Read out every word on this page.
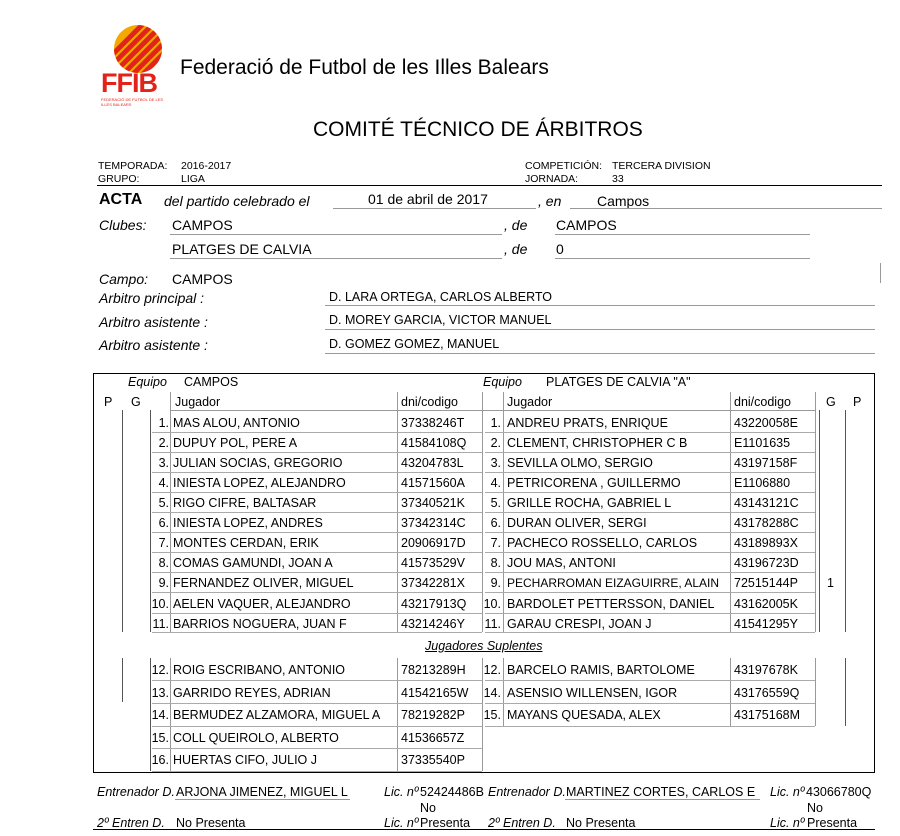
FFIB
FEDERACIÓ DE FUTBOL DE LES ILLES BALEARS
Federació de Futbol de les Illes Balears
COMITÉ TÉCNICO DE ÁRBITROS
TEMPORADA: 2016-2017
GRUPO:	LIGA
COMPETICIÓN: TERCERA DIVISION
JORNADA:	33
ACTA del partido celebrado el	01 de abril de 2017	, en	Campos
Clubes: CAMPOS	, de CAMPOS
PLATGES DE CALVIA	, de 0
Campo: CAMPOS
Arbitro principal :	D. LARA ORTEGA, CARLOS ALBERTO
Arbitro asistente :	D. MOREY GARCIA, VICTOR MANUEL
Arbitro asistente :	D. GOMEZ GOMEZ, MANUEL
Equipo CAMPOS	Equipo PLATGES DE CALVIA "A"
P G	Jugador	dni/codigo	Jugador	dni/codigo	G P
1. MAS ALOU, ANTONIO	37338246T 1. ANDREU PRATS, ENRIQUE	43220058E
2. DUPUY POL, PERE A	41584108Q 2. CLEMENT, CHRISTOPHER C B	E1101635
3. JULIAN SOCIAS, GREGORIO	43204783L 3. SEVILLA OLMO, SERGIO	43197158F
4. INIESTA LOPEZ, ALEJANDRO	41571560A 4. PETRICORENA , GUILLERMO	E1106880
5. RIGO CIFRE, BALTASAR	37340521K 5. GRILLE ROCHA, GABRIEL L	43143121C
6. INIESTA LOPEZ, ANDRES	37342314C 6. DURAN OLIVER, SERGI	43178288C
7. MONTES CERDAN, ERIK	20906917D 7. PACHECO ROSSELLO, CARLOS	43189893X
8. COMAS GAMUNDI, JOAN A	41573529V 8. JOU MAS, ANTONI	43196723D
9. FERNANDEZ OLIVER, MIGUEL	37342281X 9. PECHARROMAN EIZAGUIRRE, ALAIN 72515144P 1
10. AELEN VAQUER, ALEJANDRO	43217913Q 10. BARDOLET PETTERSSON, DANIEL 43162005K
11. BARRIOS NOGUERA, JUAN F	43214246Y 11. GARAU CRESPI, JOAN J	41541295Y
Jugadores Suplentes
12. ROIG ESCRIBANO, ANTONIO	78213289H 12. BARCELO RAMIS, BARTOLOME	43197678K
13. GARRIDO REYES, ADRIAN	41542165W 14. ASENSIO WILLENSEN, IGOR	43176559Q
14. BERMUDEZ ALZAMORA, MIGUEL A 78219282P 15. MAYANS QUESADA, ALEX	43175168M
15. COLL QUEIROLO, ALBERTO	41536657Z
16. HUERTAS CIFO, JULIO J	37335540P
Entrenador D. ARJONA JIMENEZ, MIGUEL L	Lic. nº 52424486B Entrenador D. MARTINEZ CORTES, CARLOS E Lic. nº 43066780Q
No	No
2º Entren D. No Presenta	Lic. nº Presenta 2º Entren D. No Presenta	Lic. nº Presenta
